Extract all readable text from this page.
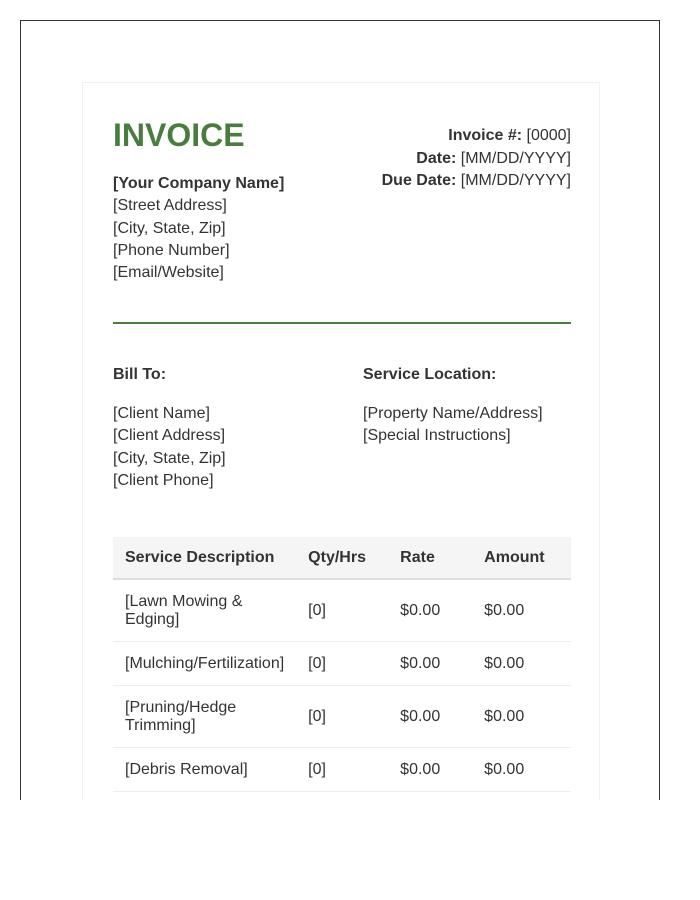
INVOICE
[Your Company Name]
[Street Address]
[City, State, Zip]
[Phone Number]
[Email/Website]
Invoice #: [0000]
Date: [MM/DD/YYYY]
Due Date: [MM/DD/YYYY]
Bill To:
[Client Name]
[Client Address]
[City, State, Zip]
[Client Phone]
Service Location:
[Property Name/Address]
[Special Instructions]
Service Description	Qty/Hrs	Rate	Amount
[Lawn Mowing & Edging]	[0]	$0.00	$0.00
[Mulching/Fertilization]	[0]	$0.00	$0.00
[Pruning/Hedge Trimming]	[0]	$0.00	$0.00
[Debris Removal]	[0]	$0.00	$0.00
